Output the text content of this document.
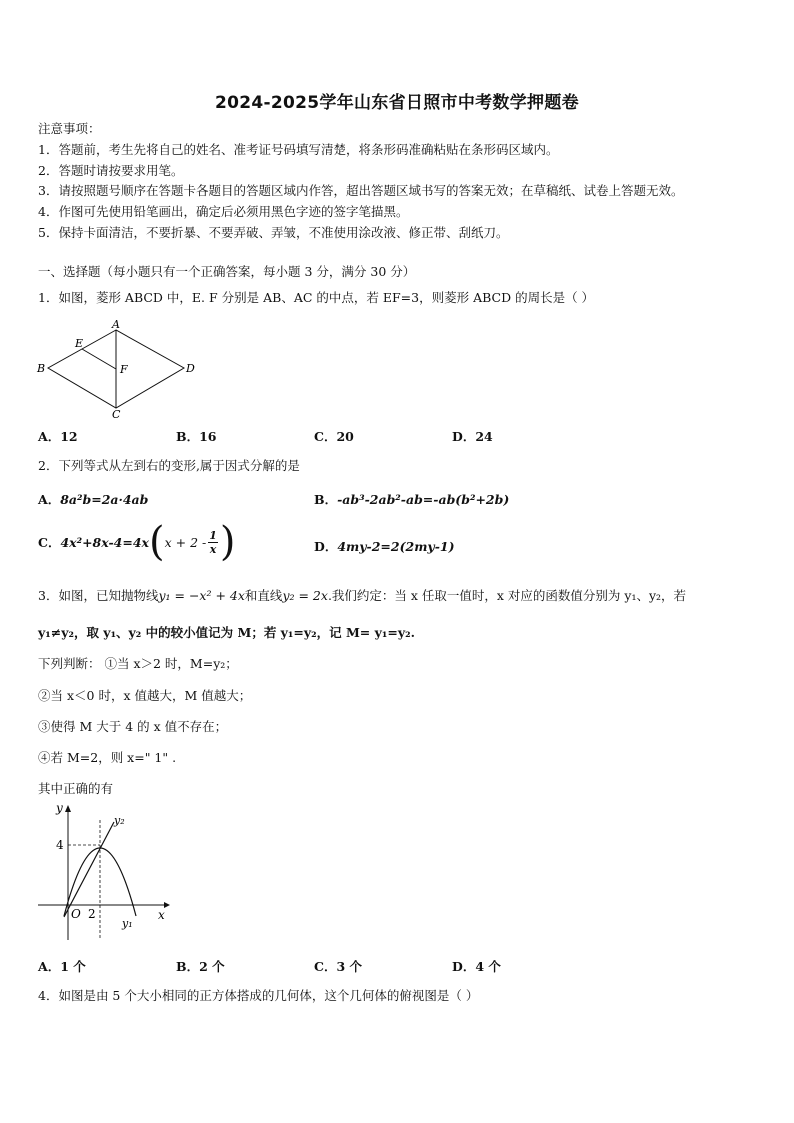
2024-2025学年山东省日照市中考数学押题卷
注意事项：
1．答题前，考生先将自己的姓名、准考证号码填写清楚，将条形码准确粘贴在条形码区域内。
2．答题时请按要求用笔。
3．请按照题号顺序在答题卡各题目的答题区域内作答，超出答题区域书写的答案无效；在草稿纸、试卷上答题无效。
4．作图可先使用铅笔画出，确定后必须用黑色字迹的签字笔描黑。
5．保持卡面清洁，不要折暴、不要弄破、弄皱，不准使用涂改液、修正带、刮纸刀。
一、选择题（每小题只有一个正确答案，每小题 3 分，满分 30 分）
1．如图，菱形 ABCD 中，E. F 分别是 AB、AC 的中点，若 EF=3，则菱形 ABCD 的周长是（ ）
A
B
C
D
E
F
A．12	B．16	C．20	D．24
2．下列等式从左到右的变形,属于因式分解的是
A．8a²b=2a·4ab	B．-ab³-2ab²-ab=-ab(b²+2b)
C． 4x²+8x-4=4x ( $x + 2 - \frac{1}{x}$ )	D．4my-2=2(2my-1)
3．如图，已知抛物线y₁ = −x² + 4x和直线y₂ = 2x.我们约定：当 x 任取一值时，x 对应的函数值分别为 y₁、y₂，若
y₁≠y₂，取 y₁、y₂ 中的较小值记为 M；若 y₁=y₂，记 M= y₁=y₂.
下列判断： ①当 x＞2 时，M=y₂；
②当 x＜0 时，x 值越大，M 值越大；
③使得 M 大于 4 的 x 值不存在；
④若 M=2，则 x=" 1" .
其中正确的有
y
x
O 2
4
y₁
y₂
A．1 个	B．2 个	C．3 个	D．4 个
4．如图是由 5 个大小相同的正方体搭成的几何体，这个几何体的俯视图是（ ）
